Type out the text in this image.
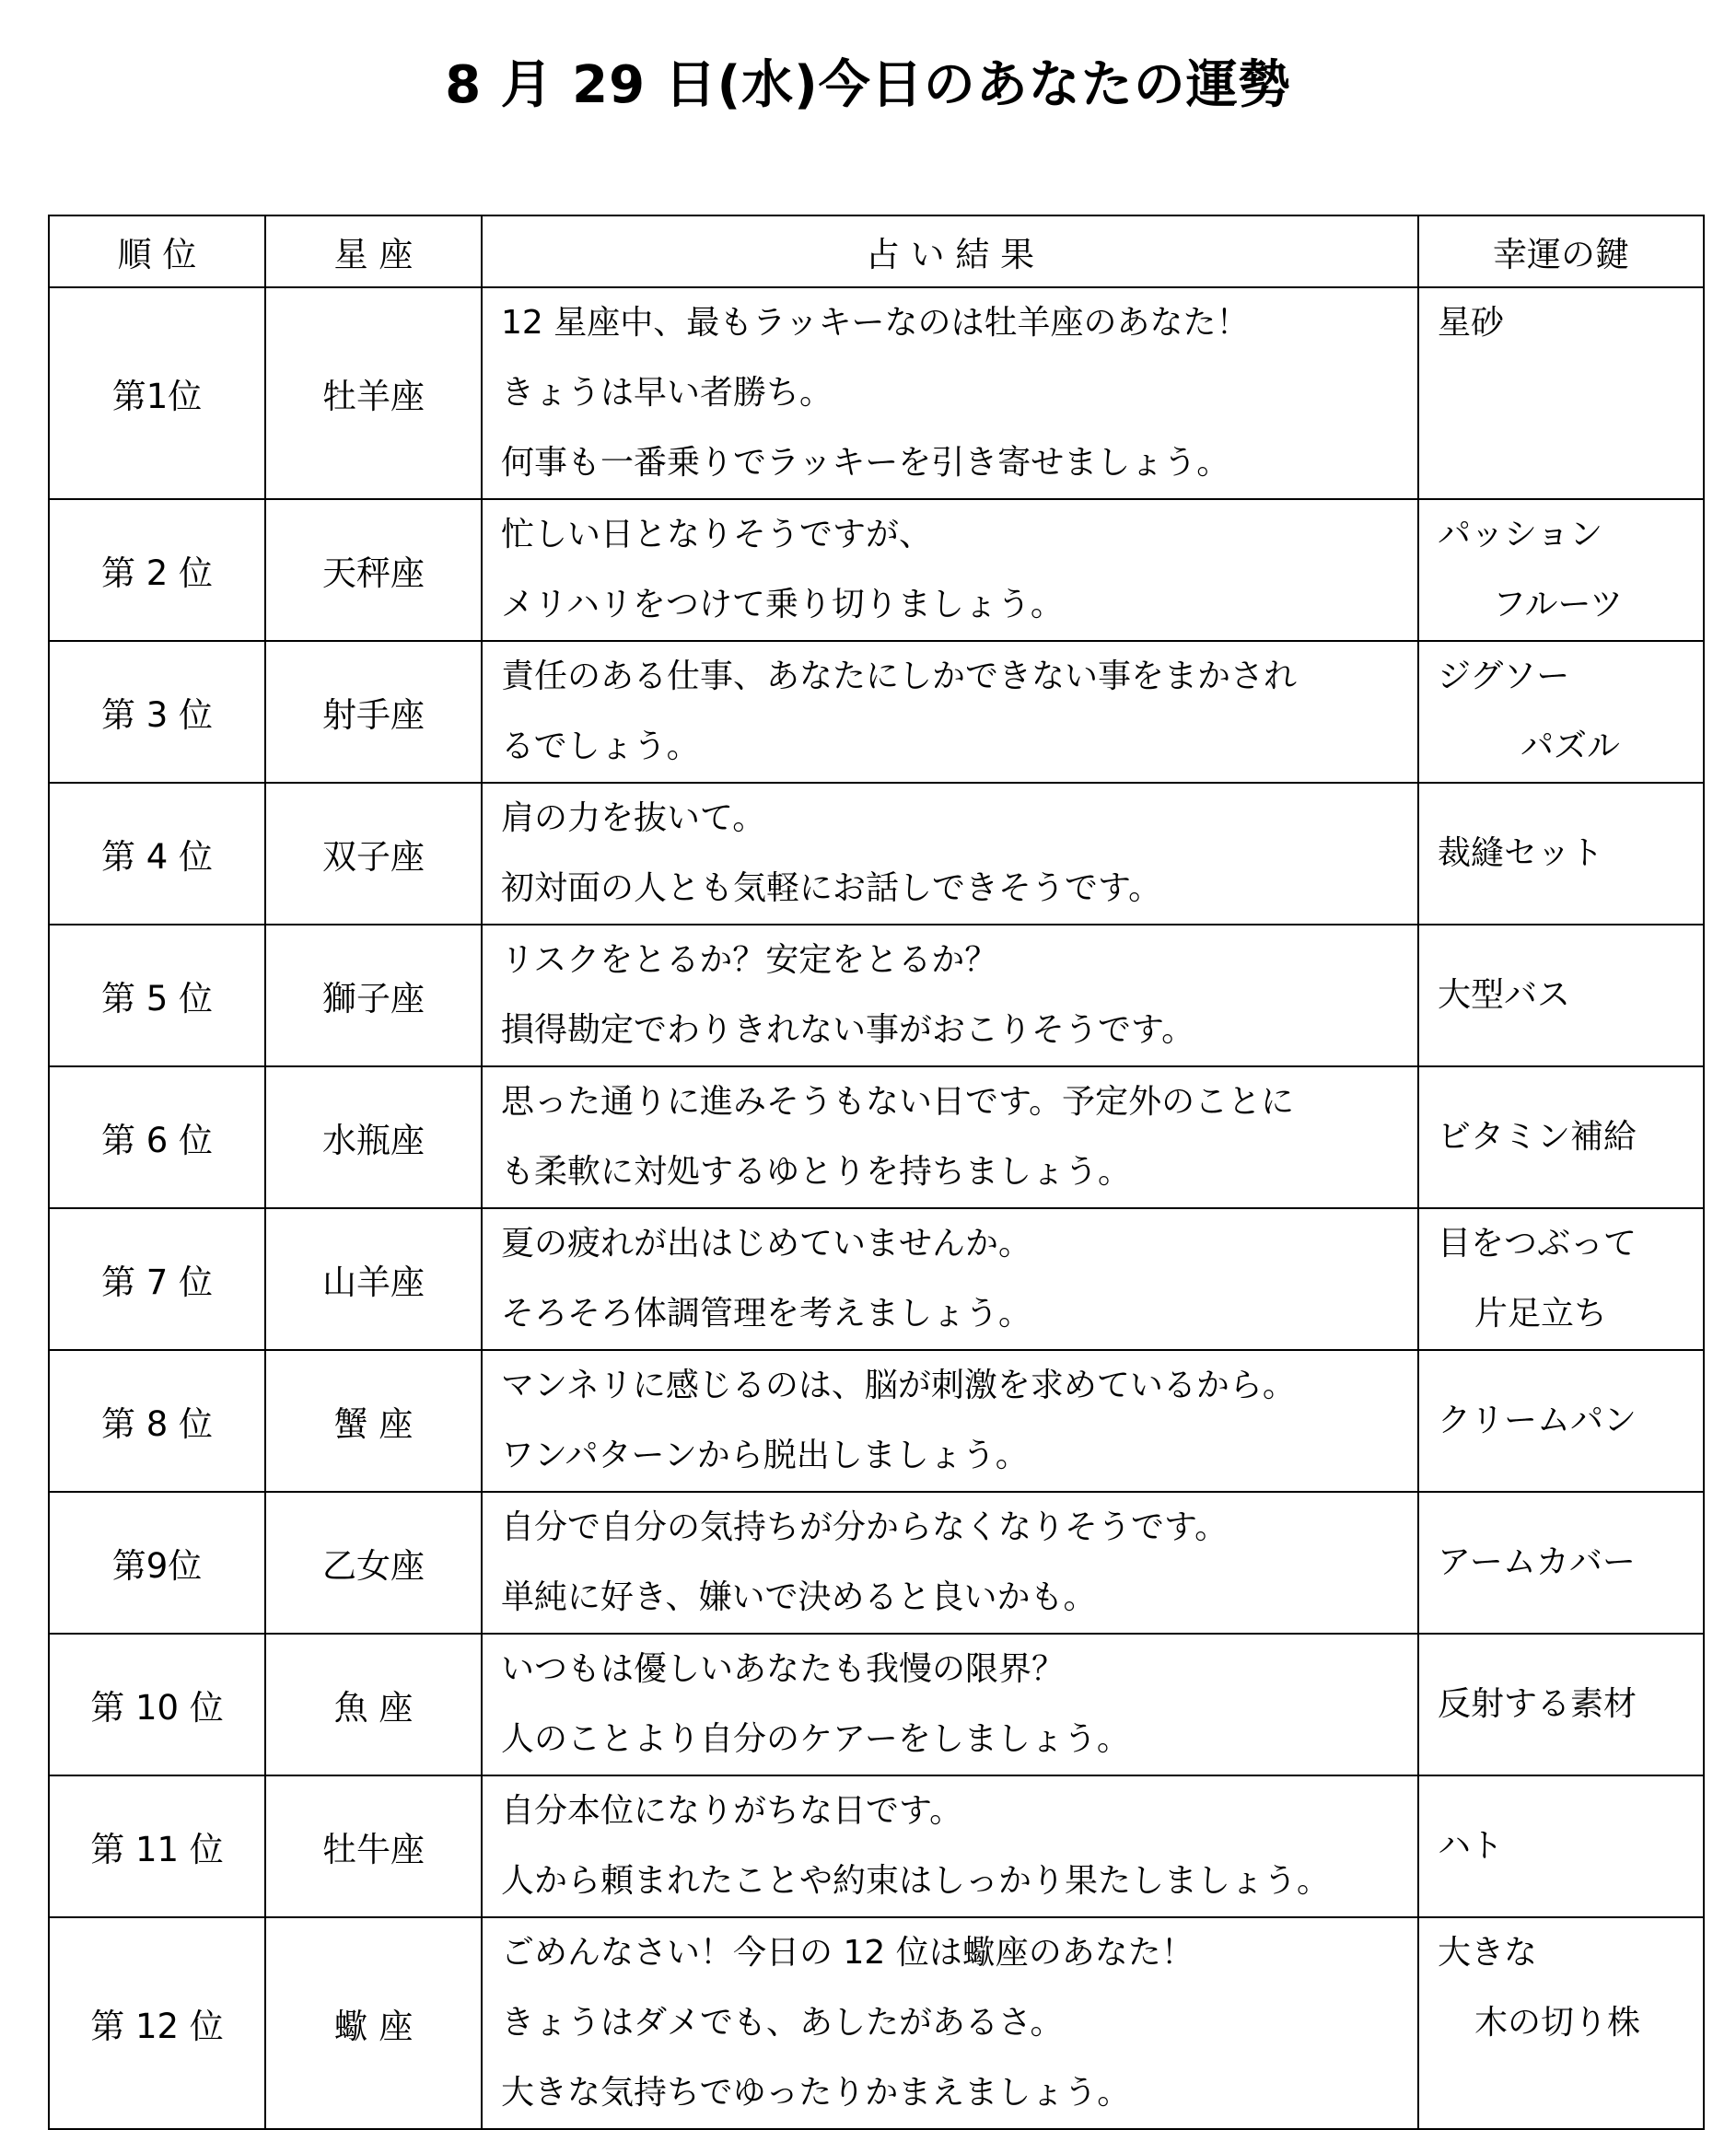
8 月 29 日(水)今日のあなたの運勢
順 位	星 座	占 い 結 果	幸運の鍵
第1位	牡羊座	12 星座中、最もラッキーなのは牡羊座のあなた！
きょうは早い者勝ち。
何事も一番乗りでラッキーを引き寄せましょう。	星砂

第 2 位	天秤座	忙しい日となりそうですが、
メリハリをつけて乗り切りましょう。	パッション
フルーツ

第 3 位	射手座	責任のある仕事、あなたにしかできない事をまかされ
るでしょう。	ジグソー
パズル

第 4 位	双子座	肩の力を抜いて。
初対面の人とも気軽にお話しできそうです。	裁縫セット

第 5 位	獅子座	リスクをとるか？安定をとるか？
損得勘定でわりきれない事がおこりそうです。	大型バス

第 6 位	水瓶座	思った通りに進みそうもない日です。予定外のことに
も柔軟に対処するゆとりを持ちましょう。	ビタミン補給

第 7 位	山羊座	夏の疲れが出はじめていませんか。
そろそろ体調管理を考えましょう。	目をつぶって
片足立ち

第 8 位	蟹 座	マンネリに感じるのは、脳が刺激を求めているから。
ワンパターンから脱出しましょう。	クリームパン

第9位	乙女座	自分で自分の気持ちが分からなくなりそうです。
単純に好き、嫌いで決めると良いかも。	アームカバー

第 10 位	魚 座	いつもは優しいあなたも我慢の限界？
人のことより自分のケアーをしましょう。	反射する素材

第 11 位	牡牛座	自分本位になりがちな日です。
人から頼まれたことや約束はしっかり果たしましょう。	ハト

第 12 位	蠍 座	ごめんなさい！今日の 12 位は蠍座のあなた！
きょうはダメでも、あしたがあるさ。
大きな気持ちでゆったりかまえましょう。	大きな
木の切り株
